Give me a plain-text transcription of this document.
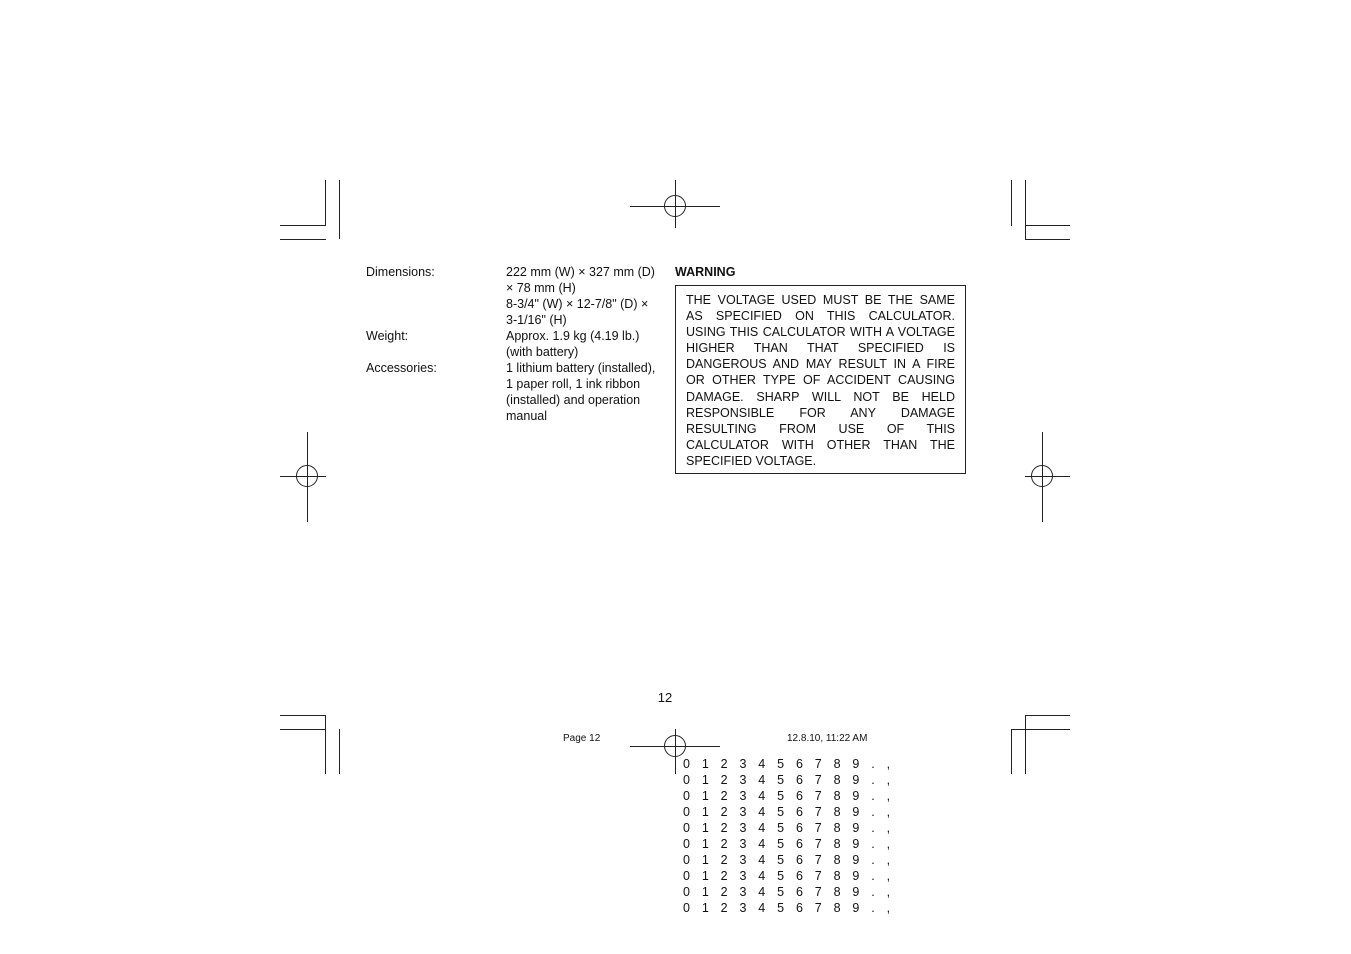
Dimensions:	222 mm (W) × 327 mm (D)
× 78 mm (H)
8-3/4" (W) × 12-7/8" (D) ×
3-1/16" (H)
Weight:	Approx. 1.9 kg (4.19 lb.)
(with battery)
Accessories:	1 lithium battery (installed),
1 paper roll, 1 ink ribbon
(installed) and operation
manual
WARNING
THE VOLTAGE USED MUST BE THE SAME
AS SPECIFIED ON THIS CALCULATOR.
USING THIS CALCULATOR WITH A VOLTAGE
HIGHER THAN THAT SPECIFIED IS
DANGEROUS AND MAY RESULT IN A FIRE
OR OTHER TYPE OF ACCIDENT CAUSING
DAMAGE. SHARP WILL NOT BE HELD
RESPONSIBLE FOR ANY DAMAGE
RESULTING FROM USE OF THIS
CALCULATOR WITH OTHER THAN THE
SPECIFIED VOLTAGE.
12
Page 12	12.8.10, 11:22 AM
0 1 2 3 4 5 6 7 8 9 . ,
0 1 2 3 4 5 6 7 8 9 . ,
0 1 2 3 4 5 6 7 8 9 . ,
0 1 2 3 4 5 6 7 8 9 . ,
0 1 2 3 4 5 6 7 8 9 . ,
0 1 2 3 4 5 6 7 8 9 . ,
0 1 2 3 4 5 6 7 8 9 . ,
0 1 2 3 4 5 6 7 8 9 . ,
0 1 2 3 4 5 6 7 8 9 . ,
0 1 2 3 4 5 6 7 8 9 . ,
